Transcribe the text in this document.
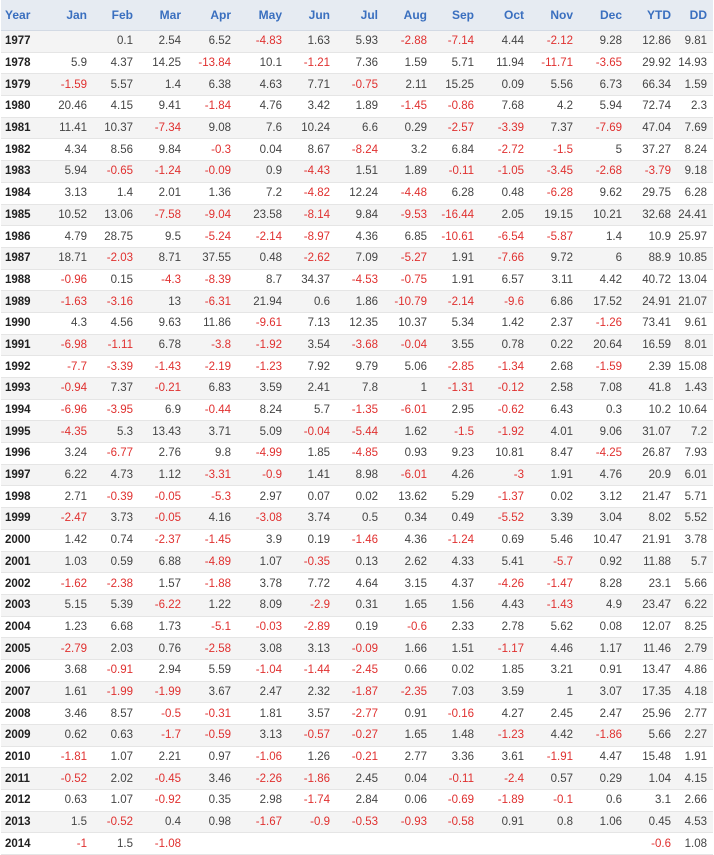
Year	Jan	Feb	Mar	Apr	May	Jun	Jul	Aug	Sep	Oct	Nov	Dec	YTD	DD
1977		0.1	2.54	6.52	-4.83	1.63	5.93	-2.88	-7.14	4.44	-2.12	9.28	12.86	9.81
1978	5.9	4.37	14.25	-13.84	10.1	-1.21	7.36	1.59	5.71	11.94	-11.71	-3.65	29.92	14.93
1979	-1.59	5.57	1.4	6.38	4.63	7.71	-0.75	2.11	15.25	0.09	5.56	6.73	66.34	1.59
1980	20.46	4.15	9.41	-1.84	4.76	3.42	1.89	-1.45	-0.86	7.68	4.2	5.94	72.74	2.3
1981	11.41	10.37	-7.34	9.08	7.6	10.24	6.6	0.29	-2.57	-3.39	7.37	-7.69	47.04	7.69
1982	4.34	8.56	9.84	-0.3	0.04	8.67	-8.24	3.2	6.84	-2.72	-1.5	5	37.27	8.24
1983	5.94	-0.65	-1.24	-0.09	0.9	-4.43	1.51	1.89	-0.11	-1.05	-3.45	-2.68	-3.79	9.18
1984	3.13	1.4	2.01	1.36	7.2	-4.82	12.24	-4.48	6.28	0.48	-6.28	9.62	29.75	6.28
1985	10.52	13.06	-7.58	-9.04	23.58	-8.14	9.84	-9.53	-16.44	2.05	19.15	10.21	32.68	24.41
1986	4.79	28.75	9.5	-5.24	-2.14	-8.97	4.36	6.85	-10.61	-6.54	-5.87	1.4	10.9	25.97
1987	18.71	-2.03	8.71	37.55	0.48	-2.62	7.09	-5.27	1.91	-7.66	9.72	6	88.9	10.85
1988	-0.96	0.15	-4.3	-8.39	8.7	34.37	-4.53	-0.75	1.91	6.57	3.11	4.42	40.72	13.04
1989	-1.63	-3.16	13	-6.31	21.94	0.6	1.86	-10.79	-2.14	-9.6	6.86	17.52	24.91	21.07
1990	4.3	4.56	9.63	11.86	-9.61	7.13	12.35	10.37	5.34	1.42	2.37	-1.26	73.41	9.61
1991	-6.98	-1.11	6.78	-3.8	-1.92	3.54	-3.68	-0.04	3.55	0.78	0.22	20.64	16.59	8.01
1992	-7.7	-3.39	-1.43	-2.19	-1.23	7.92	9.79	5.06	-2.85	-1.34	2.68	-1.59	2.39	15.08
1993	-0.94	7.37	-0.21	6.83	3.59	2.41	7.8	1	-1.31	-0.12	2.58	7.08	41.8	1.43
1994	-6.96	-3.95	6.9	-0.44	8.24	5.7	-1.35	-6.01	2.95	-0.62	6.43	0.3	10.2	10.64
1995	-4.35	5.3	13.43	3.71	5.09	-0.04	-5.44	1.62	-1.5	-1.92	4.01	9.06	31.07	7.2
1996	3.24	-6.77	2.76	9.8	-4.99	1.85	-4.85	0.93	9.23	10.81	8.47	-4.25	26.87	7.93
1997	6.22	4.73	1.12	-3.31	-0.9	1.41	8.98	-6.01	4.26	-3	1.91	4.76	20.9	6.01
1998	2.71	-0.39	-0.05	-5.3	2.97	0.07	0.02	13.62	5.29	-1.37	0.02	3.12	21.47	5.71
1999	-2.47	3.73	-0.05	4.16	-3.08	3.74	0.5	0.34	0.49	-5.52	3.39	3.04	8.02	5.52
2000	1.42	0.74	-2.37	-1.45	3.9	0.19	-1.46	4.36	-1.24	0.69	5.46	10.47	21.91	3.78
2001	1.03	0.59	6.88	-4.89	1.07	-0.35	0.13	2.62	4.33	5.41	-5.7	0.92	11.88	5.7
2002	-1.62	-2.38	1.57	-1.88	3.78	7.72	4.64	3.15	4.37	-4.26	-1.47	8.28	23.1	5.66
2003	5.15	5.39	-6.22	1.22	8.09	-2.9	0.31	1.65	1.56	4.43	-1.43	4.9	23.47	6.22
2004	1.23	6.68	1.73	-5.1	-0.03	-2.89	0.19	-0.6	2.33	2.78	5.62	0.08	12.07	8.25
2005	-2.79	2.03	0.76	-2.58	3.08	3.13	-0.09	1.66	1.51	-1.17	4.46	1.17	11.46	2.79
2006	3.68	-0.91	2.94	5.59	-1.04	-1.44	-2.45	0.66	0.02	1.85	3.21	0.91	13.47	4.86
2007	1.61	-1.99	-1.99	3.67	2.47	2.32	-1.87	-2.35	7.03	3.59	1	3.07	17.35	4.18
2008	3.46	8.57	-0.5	-0.31	1.81	3.57	-2.77	0.91	-0.16	4.27	2.45	2.47	25.96	2.77
2009	0.62	0.63	-1.7	-0.59	3.13	-0.57	-0.27	1.65	1.48	-1.23	4.42	-1.86	5.66	2.27
2010	-1.81	1.07	2.21	0.97	-1.06	1.26	-0.21	2.77	3.36	3.61	-1.91	4.47	15.48	1.91
2011	-0.52	2.02	-0.45	3.46	-2.26	-1.86	2.45	0.04	-0.11	-2.4	0.57	0.29	1.04	4.15
2012	0.63	1.07	-0.92	0.35	2.98	-1.74	2.84	0.06	-0.69	-1.89	-0.1	0.6	3.1	2.66
2013	1.5	-0.52	0.4	0.98	-1.67	-0.9	-0.53	-0.93	-0.58	0.91	0.8	1.06	0.45	4.53
2014	-1	1.5	-1.08										-0.6	1.08
